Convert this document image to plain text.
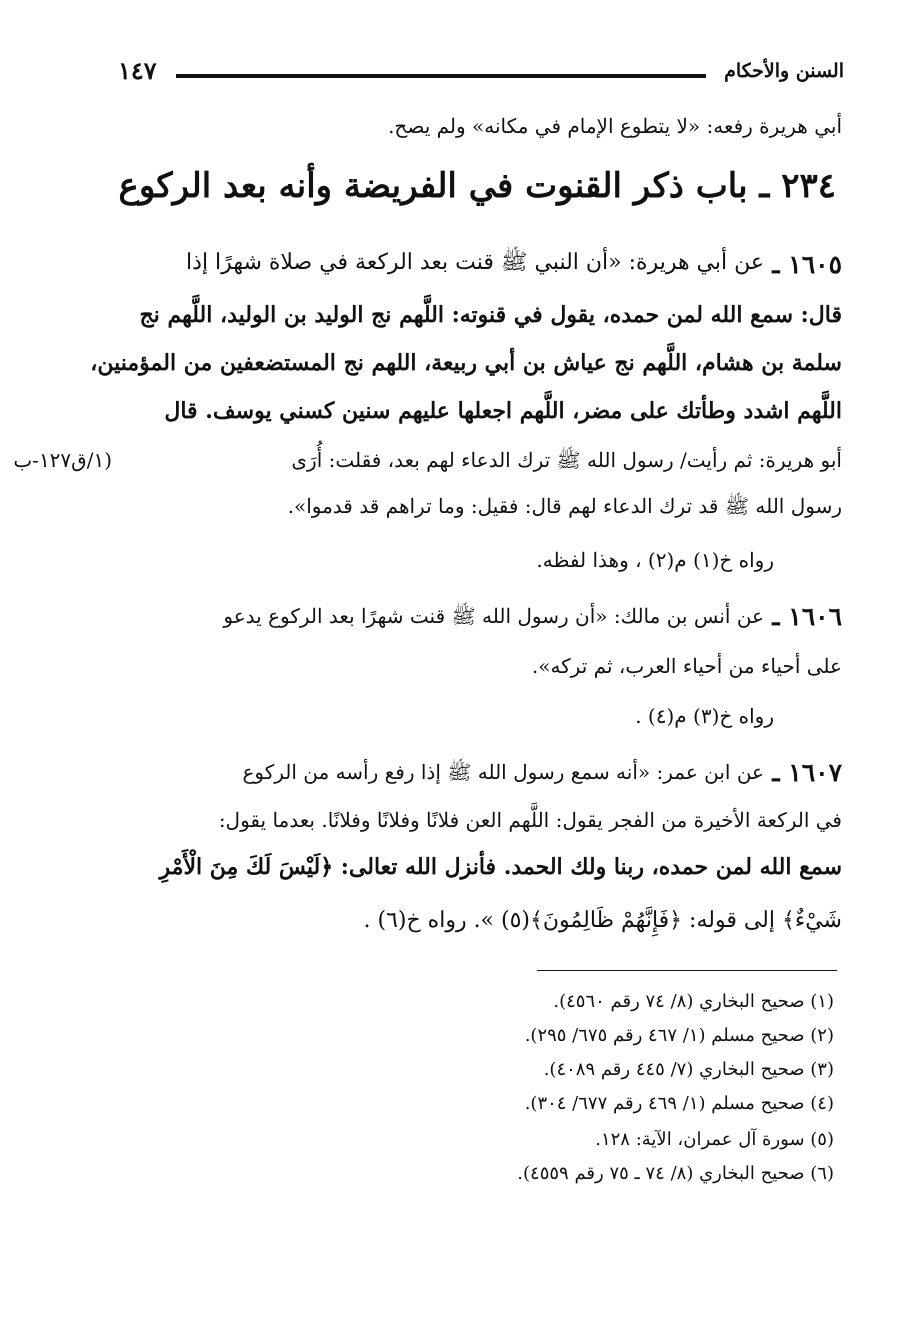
السنن والأحكام
١٤٧
أبي هريرة رفعه: «لا يتطوع الإمام في مكانه» ولم يصح.
٢٣٤ ـ باب ذكر القنوت في الفريضة وأنه بعد الركوع
١٦٠٥ ـ
عن أبي هريرة: «أن النبي ﷺ قنت بعد الركعة في صلاة شهرًا إذا
قال: سمع الله لمن حمده، يقول في قنوته: اللَّهم نج الوليد بن الوليد، اللَّهم نج
سلمة بن هشام، اللَّهم نج عياش بن أبي ربيعة، اللهم نج المستضعفين من المؤمنين،
اللَّهم اشدد وطأتك على مضر، اللَّهم اجعلها عليهم سنين كسني يوسف. قال
أبو هريرة: ثم رأيت/ رسول الله ﷺ ترك الدعاء لهم بعد، فقلت: أُرَى
(١/ق١٢٧-ب
رسول الله ﷺ قد ترك الدعاء لهم قال: فقيل: وما تراهم قد قدموا».
رواه خ(١) م(٢) ، وهذا لفظه.
١٦٠٦ ـ
عن أنس بن مالك: «أن رسول الله ﷺ قنت شهرًا بعد الركوع يدعو
على أحياء من أحياء العرب، ثم تركه».
رواه خ(٣) م(٤) .
١٦٠٧ ـ
عن ابن عمر: «أنه سمع رسول الله ﷺ إذا رفع رأسه من الركوع
في الركعة الأخيرة من الفجر يقول: اللَّهم العن فلانًا وفلانًا وفلانًا. بعدما يقول:
سمع الله لمن حمده، ربنا ولك الحمد. فأنزل الله تعالى: ﴿لَيْسَ لَكَ مِنَ الْأَمْرِ
شَيْءٌ﴾ إلى قوله: ﴿فَإِنَّهُمْ ظَالِمُونَ﴾(٥) ». رواه خ(٦) .
(١) صحيح البخاري (٨/ ٧٤ رقم ٤٥٦٠).
(٢) صحيح مسلم (١/ ٤٦٧ رقم ٦٧٥/ ٢٩٥).
(٣) صحيح البخاري (٧/ ٤٤٥ رقم ٤٠٨٩).
(٤) صحيح مسلم (١/ ٤٦٩ رقم ٦٧٧/ ٣٠٤).
(٥) سورة آل عمران، الآية: ١٢٨.
(٦) صحيح البخاري (٨/ ٧٤ ـ ٧٥ رقم ٤٥٥٩).
